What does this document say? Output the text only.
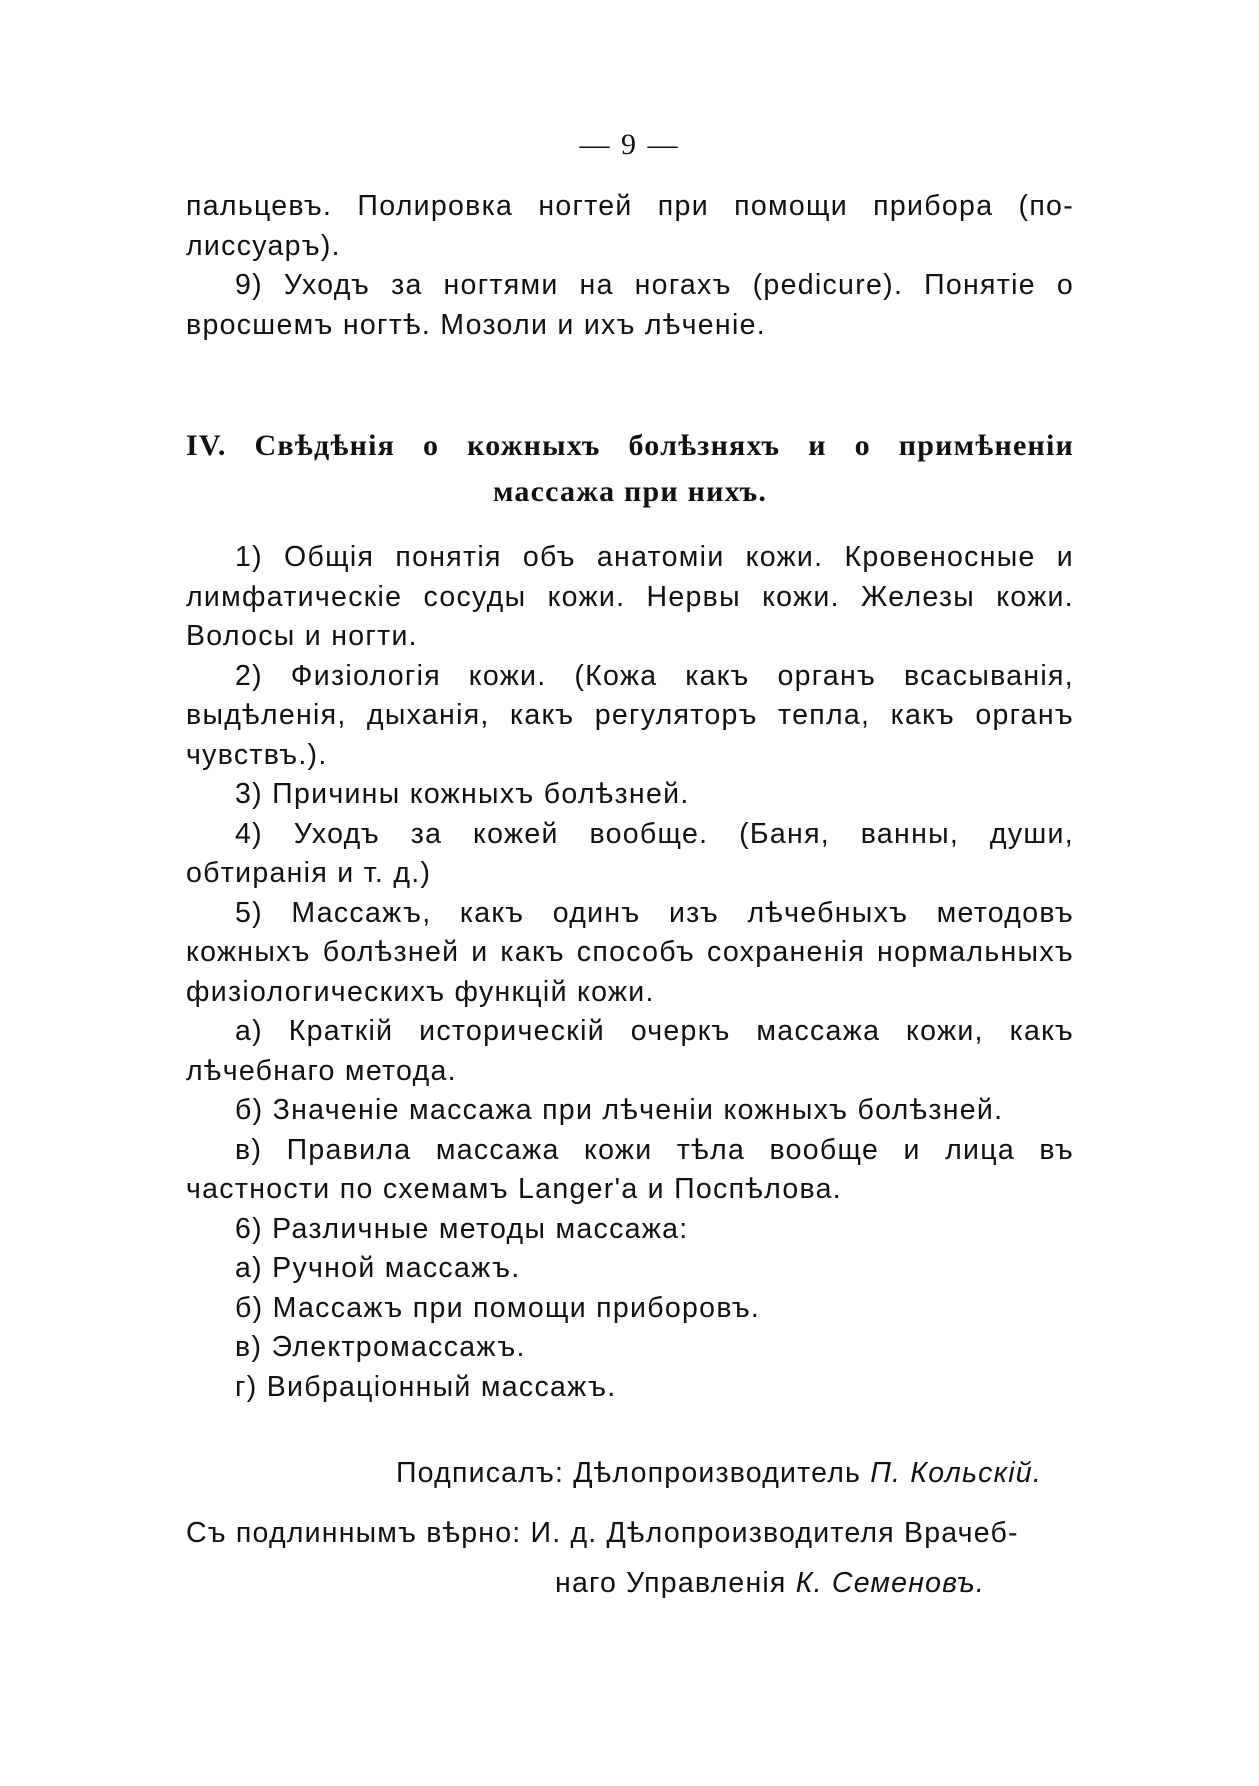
— 9 —

пальцевъ. Полировка ногтей при помощи прибора (по-

лиссуаръ).

9) Уходъ за ногтями на ногахъ (pedicure). Понятiе о

вросшемъ ногтѣ. Мозоли и ихъ лѣченiе.

IV. Свѣдѣнiя о кожныхъ болѣзняхъ и о примѣненiи
массажа при нихъ.

1) Общiя понятiя объ анатомiи кожи. Кровеносные и лимфатическiе сосуды кожи. Нервы кожи. Железы кожи. Волосы и ногти.

2) Физiологiя кожи. (Кожа какъ органъ всасыванiя, выдѣленiя, дыханiя, какъ регуляторъ тепла, какъ органъ чувствъ.).

3) Причины кожныхъ болѣзней.

4) Уходъ за кожей вообще. (Баня, ванны, души, обтиранiя и т. д.)

5) Массажъ, какъ одинъ изъ лѣчебныхъ методовъ кожныхъ болѣзней и какъ способъ сохраненiя нормальныхъ физiологическихъ функцiй кожи.

а) Краткiй историческiй очеркъ массажа кожи, какъ лѣчебнаго метода.

б) Значенiе массажа при лѣченiи кожныхъ болѣзней.

в) Правила массажа кожи тѣла вообще и лица въ частности по схемамъ Langer'a и Поспѣлова.

6) Различные методы массажа:

а) Ручной массажъ.

б) Массажъ при помощи приборовъ.

в) Электромассажъ.

г) Вибрацiонный массажъ.

Подписалъ: Дѣлопроизводитель П. Кольскiй.
Съ подлиннымъ вѣрно: И. д. Дѣлопроизводителя Врачеб-
наго Управленiя К. Семеновъ.
